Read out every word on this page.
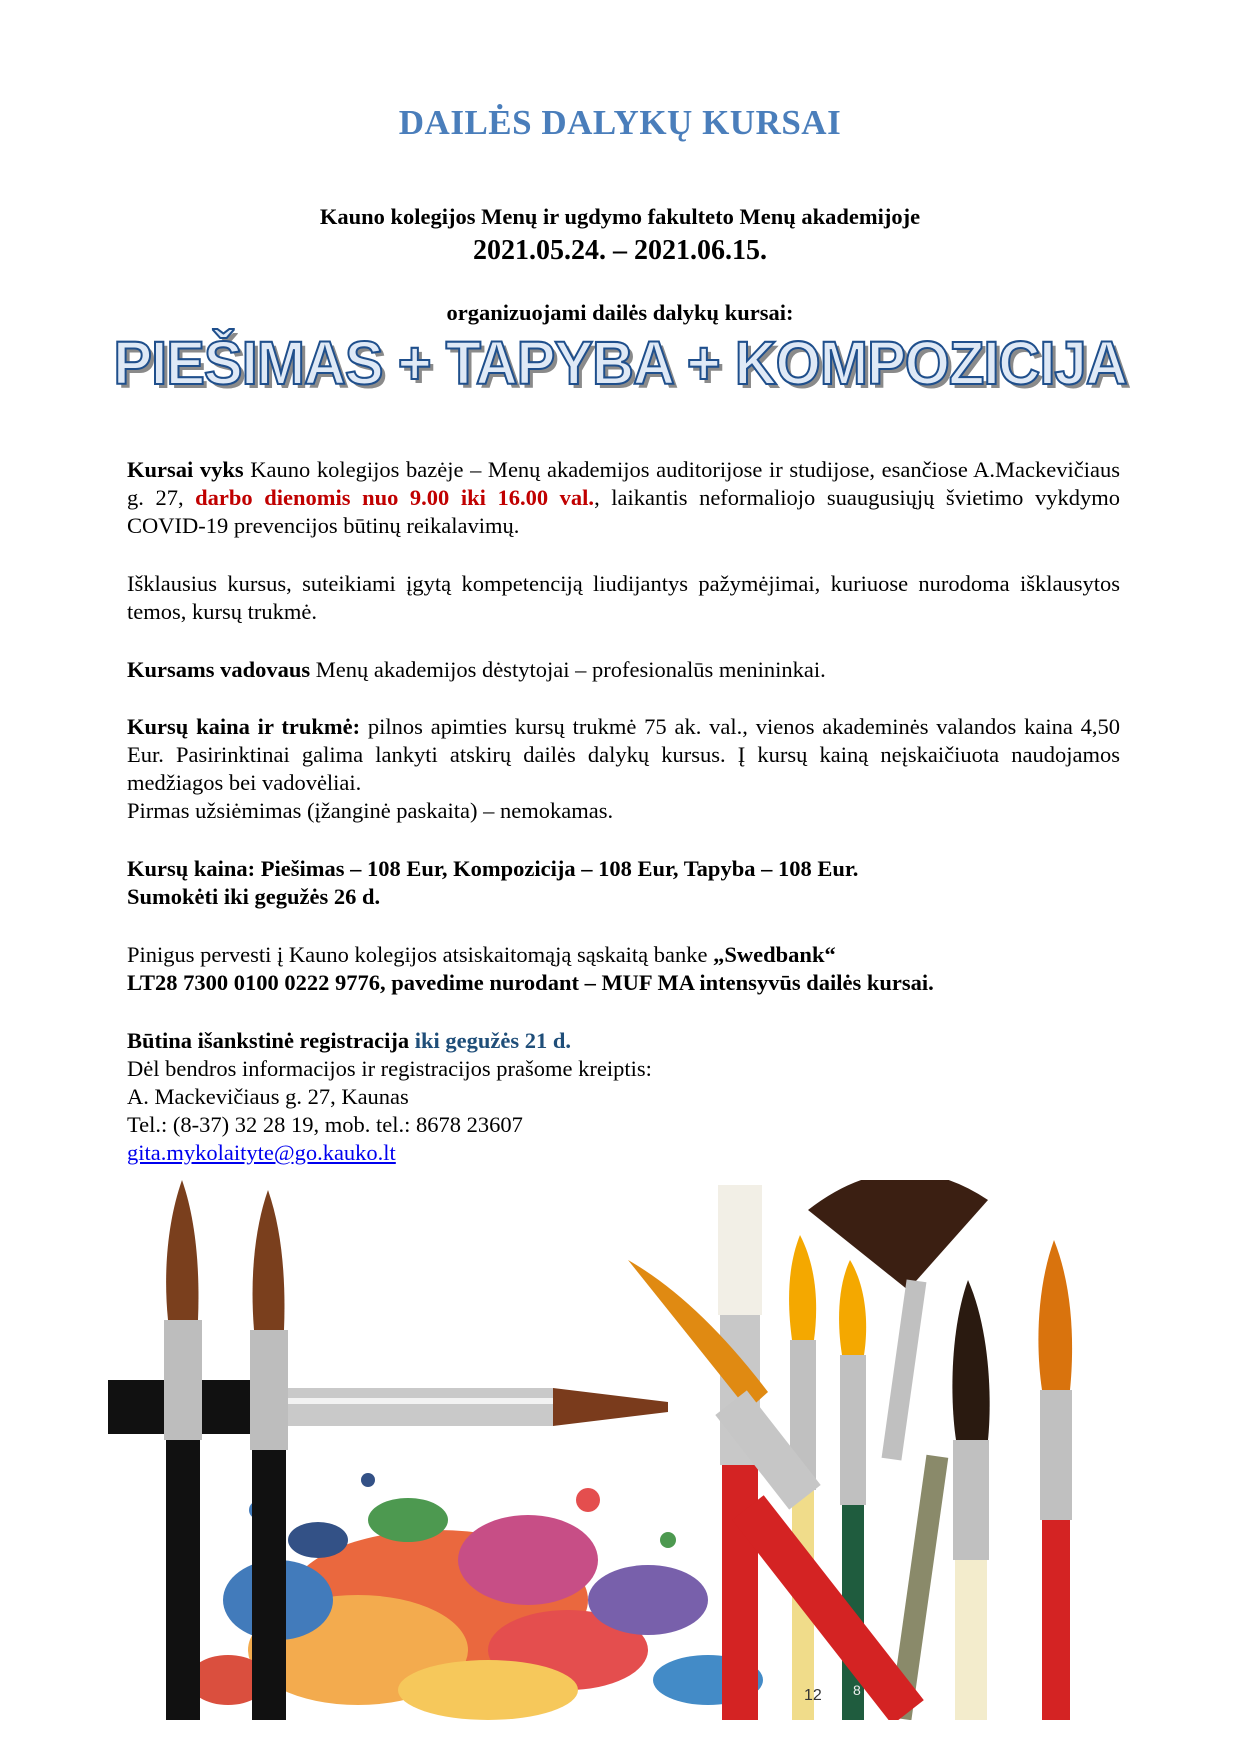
DAILĖS DALYKŲ KURSAI
Kauno kolegijos Menų ir ugdymo fakulteto Menų akademijoje
2021.05.24. – 2021.06.15.
organizuojami dailės dalykų kursai:
PIEŠIMAS + TAPYBA + KOMPOZICIJA

Kursai vyks Kauno kolegijos bazėje – Menų akademijos auditorijose ir studijose, esančiose A.Mackevičiaus g. 27, darbo dienomis nuo 9.00 iki 16.00 val., laikantis neformaliojo suaugusiųjų švietimo vykdymo COVID-19 prevencijos būtinų reikalavimų.

Išklausius kursus, suteikiami įgytą kompetenciją liudijantys pažymėjimai, kuriuose nurodoma išklausytos temos, kursų trukmė.

Kursams vadovaus Menų akademijos dėstytojai – profesionalūs menininkai.

Kursų kaina ir trukmė: pilnos apimties kursų trukmė 75 ak. val., vienos akademinės valandos kaina 4,50 Eur. Pasirinktinai galima lankyti atskirų dailės dalykų kursus. Į kursų kainą neįskaičiuota naudojamos medžiagos bei vadovėliai.

Pirmas užsiėmimas (įžanginė paskaita) – nemokamas.

Kursų kaina: Piešimas – 108 Eur, Kompozicija – 108 Eur, Tapyba – 108 Eur.

Sumokėti iki gegužės 26 d.

Pinigus pervesti į Kauno kolegijos atsiskaitomąją sąskaitą banke „Swedbank“

LT28 7300 0100 0222 9776, pavedime nurodant – MUF MA intensyvūs dailės kursai.

Būtina išankstinė registracija iki gegužės 21 d.

Dėl bendros informacijos ir registracijos prašome kreiptis:

A. Mackevičiaus g. 27, Kaunas

Tel.: (8-37) 32 28 19, mob. tel.: 8678 23607

gita.mykolaityte@go.kauko.lt

12 8
